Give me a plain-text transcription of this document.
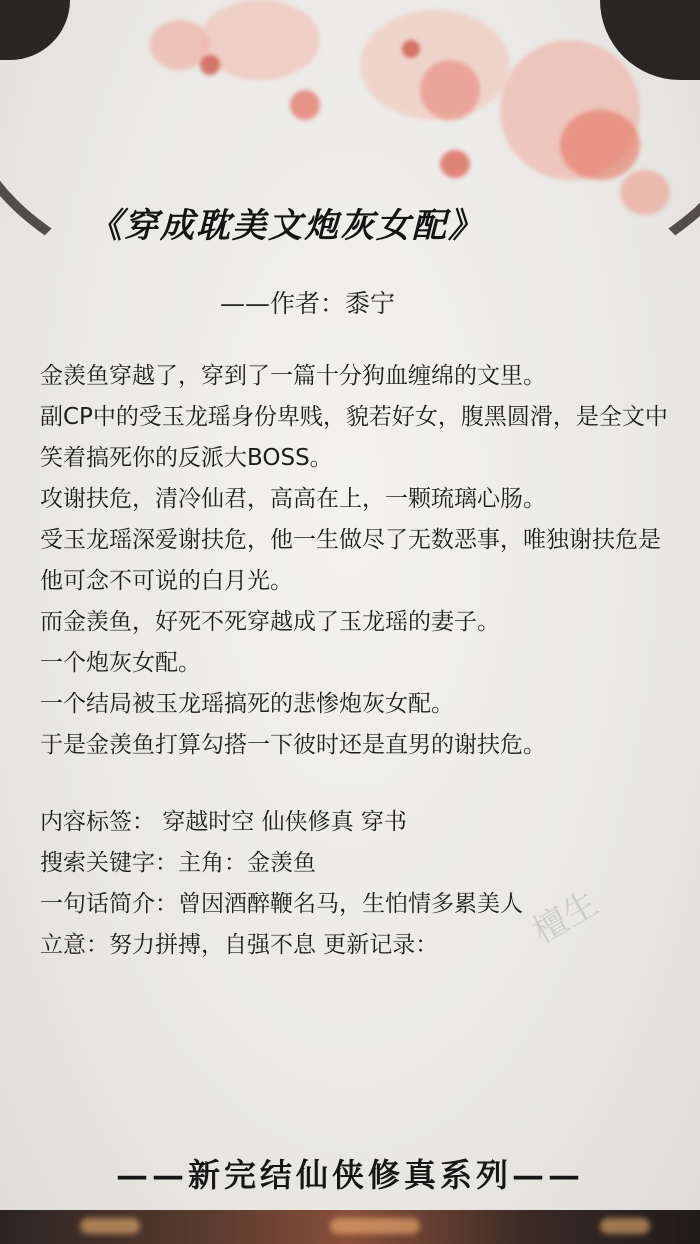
《穿成耽美文炮灰女配》
——作者：黍宁

金羡鱼穿越了，穿到了一篇十分狗血缠绵的文里。

副CP中的受玉龙瑶身份卑贱，貌若好女，腹黑圆滑，是全文中笑着搞死你的反派大BOSS。

攻谢扶危，清冷仙君，高高在上，一颗琉璃心肠。

受玉龙瑶深爱谢扶危，他一生做尽了无数恶事，唯独谢扶危是他可念不可说的白月光。

而金羡鱼，好死不死穿越成了玉龙瑶的妻子。

一个炮灰女配。

一个结局被玉龙瑶搞死的悲惨炮灰女配。

于是金羡鱼打算勾搭一下彼时还是直男的谢扶危。

内容标签： 穿越时空 仙侠修真 穿书

搜索关键字：主角：金羡鱼

一句话简介：曾因酒醉鞭名马，生怕情多累美人

立意：努力拼搏，自强不息 更新记录：	檀生
——新完结仙侠修真系列——
